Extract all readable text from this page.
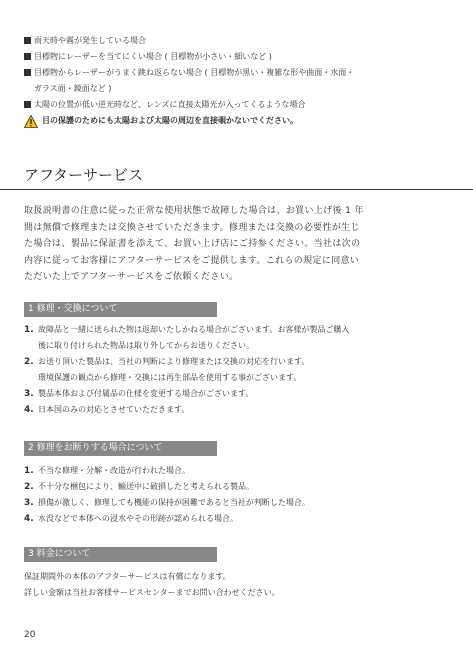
雨天時や霧が発生している場合
目標物にレーザーを当てにくい場合 ( 目標物が小さい・細いなど )
目標物からレーザーがうまく跳ね返らない場合 ( 目標物が黒い・複雑な形や曲面・水面・
ガラス面・鏡面など )
太陽の位置が低い逆光時など、レンズに直接太陽光が入ってくるような場合
目の保護のためにも太陽および太陽の周辺を直接覗かないでください。
アフターサービス
取扱説明書の注意に従った正常な使用状態で故障した場合は、お買い上げ後 1 年
間は無償で修理または交換させていただきます。修理または交換の必要性が生じ
た場合は、製品に保証書を添えて、お買い上げ店にご持参ください。当社は次の
内容に従ってお客様にアフターサービスをご提供します。これらの規定に同意い
ただいた上でアフターサービスをご依頼ください。
1 修理・交換について
1. 故障品と一緒に送られた物は返却いたしかねる場合がございます。お客様が製品ご購入
後に取り付けられた物品は取り外してからお送りください。
2. お送り頂いた製品は、当社の判断により修理または交換の対応を行います。
環境保護の観点から修理・交換には再生部品を使用する事がございます。
3. 製品本体および付属品の仕様を変更する場合がございます。
4. 日本国のみの対応とさせていただきます。
2 修理をお断りする場合について
1. 不当な修理・分解・改造が行われた場合。
2. 不十分な梱包により、輸送中に破損したと考えられる製品。
3. 損傷が激しく、修理しても機能の保持が困難であると当社が判断した場合。
4. 水没などで本体への浸水やその形跡が認められる場合。
3 料金について
保証期間外の本体のアフターサービスは有償になります。
詳しい金額は当社お客様サービスセンターまでお問い合わせください。
20
